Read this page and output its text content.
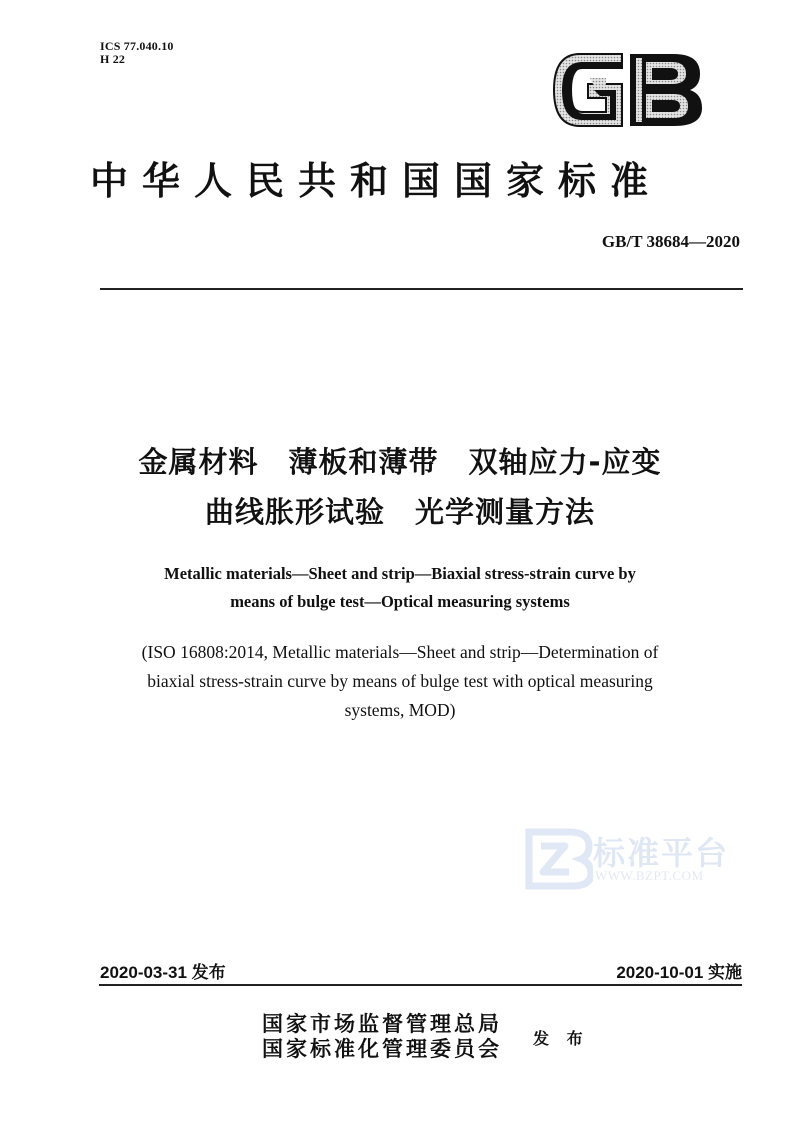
ICS 77.040.10
H 22
中华人民共和国国家标准
GB/T 38684—2020
金属材料　薄板和薄带　双轴应力-应变
曲线胀形试验　光学测量方法
Metallic materials—Sheet and strip—Biaxial stress-strain curve by
means of bulge test—Optical measuring systems
(ISO 16808:2014, Metallic materials—Sheet and strip—Determination of
biaxial stress-strain curve by means of bulge test with optical measuring
systems, MOD)
标准平台
WWW.BZPT.COM
2020-03-31 发布	2020-10-01 实施
国家市场监督管理总局
国家标准化管理委员会 发 布
